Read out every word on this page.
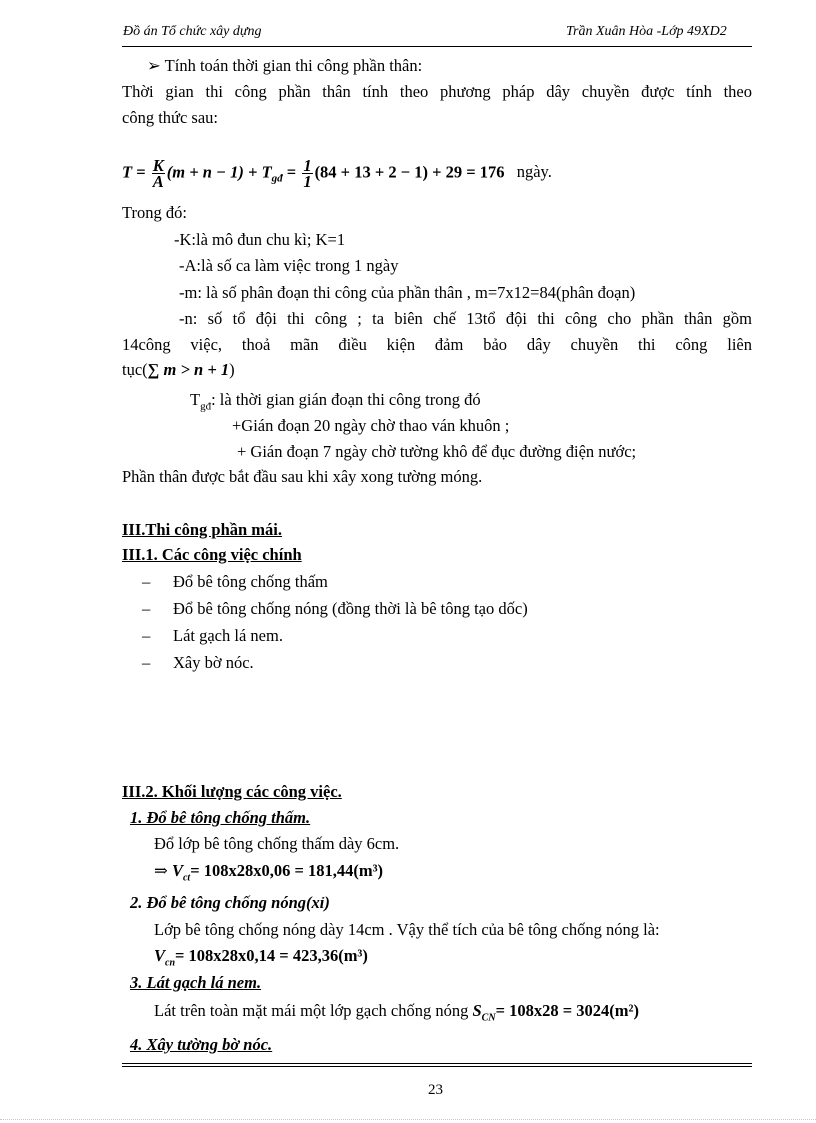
Đồ án Tổ chức xây dựng	Trần Xuân Hòa -Lớp 49XD2
➢ Tính toán thời gian thi công phần thân:
Thời gian thi công phần thân tính theo phương pháp dây chuyền được tính theo
công thức sau:
$T = \frac{K}{A} (m + n - 1) + T_{gđ} = \frac{1}{1} (84 + 13 + 2 - 1) + 29 = 176$ ngày.
Trong đó:
-K:là mô đun chu kì; K=1
-A:là số ca làm việc trong 1 ngày
-m: là số phân đoạn thi công của phần thân , m=7x12=84(phân đoạn)
-n: số tổ đội thi công ; ta biên chế 13tổ đội thi công cho phần thân gồm
14công việc, thoả mãn điều kiện đảm bảo dây chuyền thi công liên
tục(∑ m > n + 1)
$T_{gđ}$: là thời gian gián đoạn thi công trong đó
+Gián đoạn 20 ngày chờ thao ván khuôn ;
+ Gián đoạn 7 ngày chờ tường khô để đục đường điện nước;
Phần thân được bắt đầu sau khi xây xong tường móng.
III.Thi công phần mái.
III.1. Các công việc chính
– Đổ bê tông chống thấm
– Đổ bê tông chống nóng (đồng thời là bê tông tạo dốc)
– Lát gạch lá nem.
– Xây bờ nóc.
III.2. Khối lượng các công việc.
1. Đổ bê tông chống thấm.
Đổ lớp bê tông chống thấm dày 6cm.
⇒ $V_{ct}= 108x28x0,06 = 181,44(m^3)$
2. Đổ bê tông chống nóng(xỉ)
Lớp bê tông chống nóng dày 14cm . Vậy thể tích của bê tông chống nóng là:
$V_{cn}= 108x28x0,14 = 423,36(m^3)$
3. Lát gạch lá nem.
Lát trên toàn mặt mái một lớp gạch chống nóng $S_{CN}= 108x28 = 3024(m^2)$
4. Xây tường bờ nóc.
23
